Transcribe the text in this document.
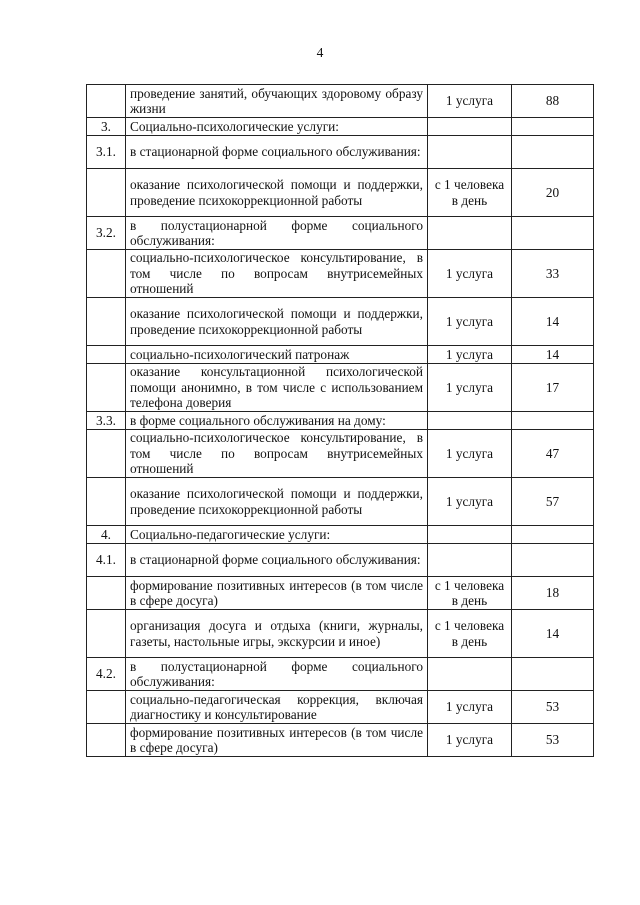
4
	проведение занятий, обучающих здоровому образу жизни	1 услуга	88
3.	Социально-психологические услуги:		
3.1.	в стационарной форме социального обслуживания:		
	оказание психологической помощи и поддержки, проведение психокоррекционной работы	с 1 человека в день	20
3.2.	в полустационарной форме социального обслуживания:		
	социально-психологическое консультирование, в том числе по вопросам внутрисемейных отношений	1 услуга	33
	оказание психологической помощи и поддержки, проведение психокоррекционной работы	1 услуга	14
	социально-психологический патронаж	1 услуга	14
	оказание консультационной психологической помощи анонимно, в том числе с использованием телефона доверия	1 услуга	17
3.3.	в форме социального обслуживания на дому:		
	социально-психологическое консультирование, в том числе по вопросам внутрисемейных отношений	1 услуга	47
	оказание психологической помощи и поддержки, проведение психокоррекционной работы	1 услуга	57
4.	Социально-педагогические услуги:		
4.1.	в стационарной форме социального обслуживания:		
	формирование позитивных интересов (в том числе в сфере досуга)	с 1 человека в день	18
	организация досуга и отдыха (книги, журналы, газеты, настольные игры, экскурсии и иное)	с 1 человека в день	14
4.2.	в полустационарной форме социального обслуживания:		
	социально-педагогическая коррекция, включая диагностику и консультирование	1 услуга	53
	формирование позитивных интересов (в том числе в сфере досуга)	1 услуга	53
